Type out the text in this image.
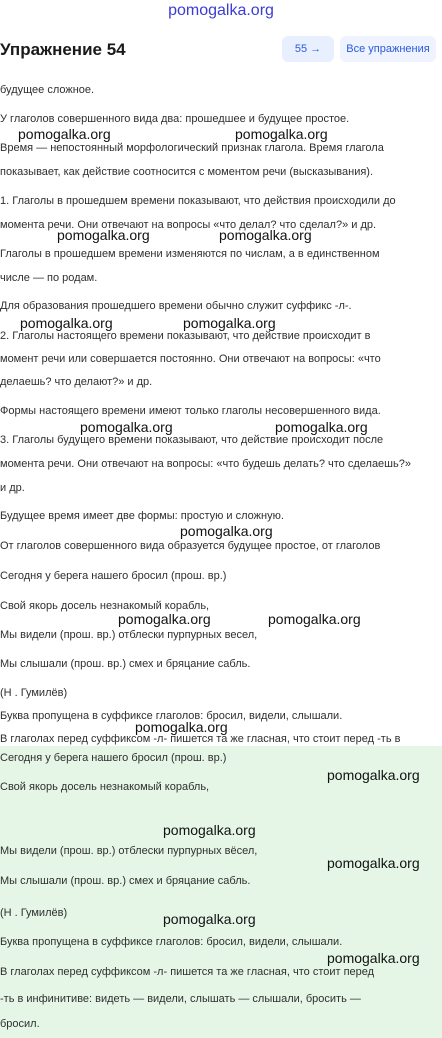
pomogalka.org
Упражнение 54	55 →	Все упражнения
будущее сложное.
У глаголов совершенного вида два: прошедшее и будущее простое.
Время — непостоянный морфологический признак глагола. Время глагола
показывает, как действие соотносится с моментом речи (высказывания).
1. Глаголы в прошедшем времени показывают, что действия происходили до
момента речи. Они отвечают на вопросы «что делал? что сделал?» и др.
Глаголы в прошедшем времени изменяются по числам, а в единственном
числе — по родам.
Для образования прошедшего времени обычно служит суффикс -л-.
2. Глаголы настоящего времени показывают, что действие происходит в
момент речи или совершается постоянно. Они отвечают на вопросы: «что
делаешь? что делают?» и др.
Формы настоящего времени имеют только глаголы несовершенного вида.
3. Глаголы будущего времени показывают, что действие происходит после
момента речи. Они отвечают на вопросы: «что будешь делать? что сделаешь?»
и др.
Будущее время имеет две формы: простую и сложную.
От глаголов совершенного вида образуется будущее простое, от глаголов
Сегодня у берега нашего бросил (прош. вр.)
Свой якорь досель незнакомый корабль,
Мы видели (прош. вр.) отблески пурпурных весел,
Мы слышали (прош. вр.) смех и бряцание сабль.
(Н . Гумилёв)
Буква пропущена в суффиксе глаголов: бросил, видели, слышали.
В глаголах перед суффиксом -л- пишется та же гласная, что стоит перед -ть в
Сегодня у берега нашего бросил (прош. вр.)
Свой якорь досель незнакомый корабль,
Мы видели (прош. вр.) отблески пурпурных вёсел,
Мы слышали (прош. вр.) смех и бряцание сабль.
(Н . Гумилёв)
Буква пропущена в суффиксе глаголов: бросил, видели, слышали.
В глаголах перед суффиксом -л- пишется та же гласная, что стоит перед
-ть в инфинитиве: видеть — видели, слышать — слышали, бросить —
бросил.
pomogalka.org	pomogalka.org
pomogalka.org	pomogalka.org
pomogalka.org	pomogalka.org
pomogalka.org	pomogalka.org
pomogalka.org
pomogalka.org	pomogalka.org
pomogalka.org
pomogalka.org
pomogalka.org
pomogalka.org
pomogalka.org
pomogalka.org
